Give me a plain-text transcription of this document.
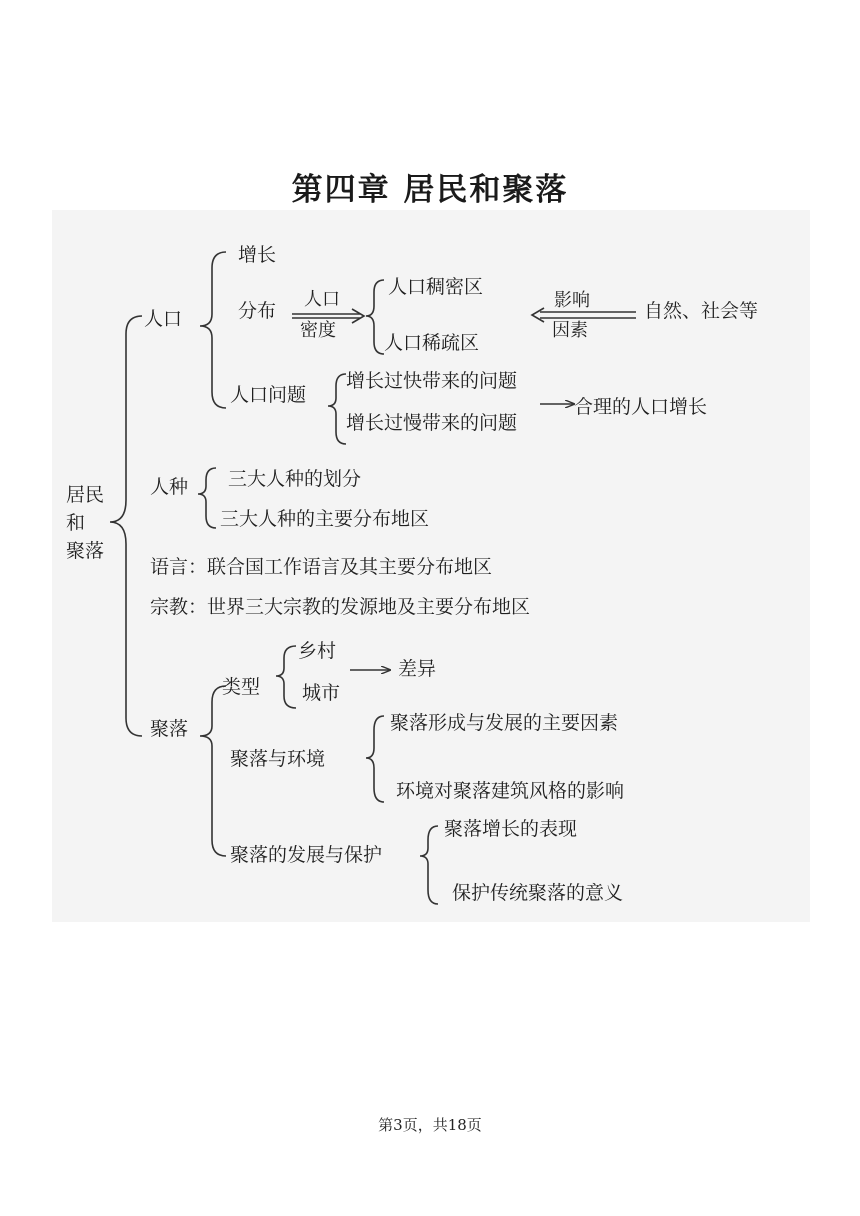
第四章 居民和聚落
居民
和
聚落
人口
增长
分布
人口
密度
人口稠密区
人口稀疏区
影响
因素
自然、社会等
人口问题
增长过快带来的问题
增长过慢带来的问题
合理的人口增长
人种 三大人种的划分
三大人种的主要分布地区
语言：联合国工作语言及其主要分布地区
宗教：世界三大宗教的发源地及主要分布地区
聚落
类型
乡村
城市
差异
聚落与环境
聚落形成与发展的主要因素
环境对聚落建筑风格的影响
聚落的发展与保护
聚落增长的表现
保护传统聚落的意义
第3页，共18页
